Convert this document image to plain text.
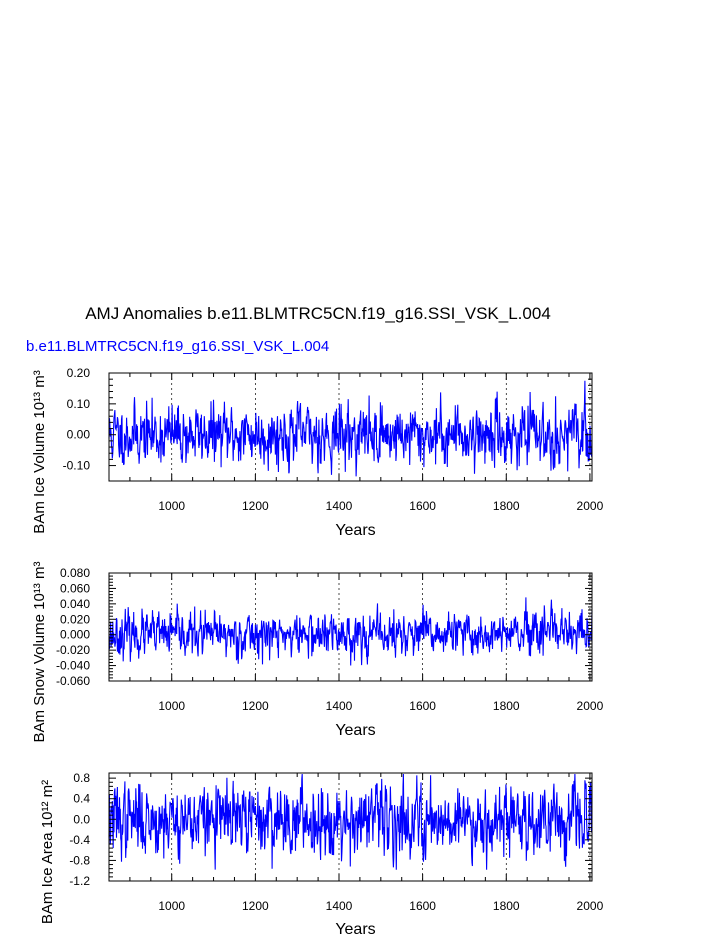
AMJ Anomalies b.e11.BLMTRC5CN.f19_g16.SSI_VSK_L.004
b.e11.BLMTRC5CN.f19_g16.SSI_VSK_L.004
1000	1200	1400	1600	1800	2000
-0.10
0.00
0.10
0.20
Years
BAm Ice Volume 10¹³ m³
1000	1200	1400	1600	1800	2000
-0.060
-0.040
-0.020
0.000
0.020
0.040
0.060
0.080
Years
BAm Snow Volume 10¹³ m³
1000	1200	1400	1600	1800	2000
-1.2
-0.8
-0.4
0.0
0.4
0.8
Years
BAm Ice Area 10¹² m²
